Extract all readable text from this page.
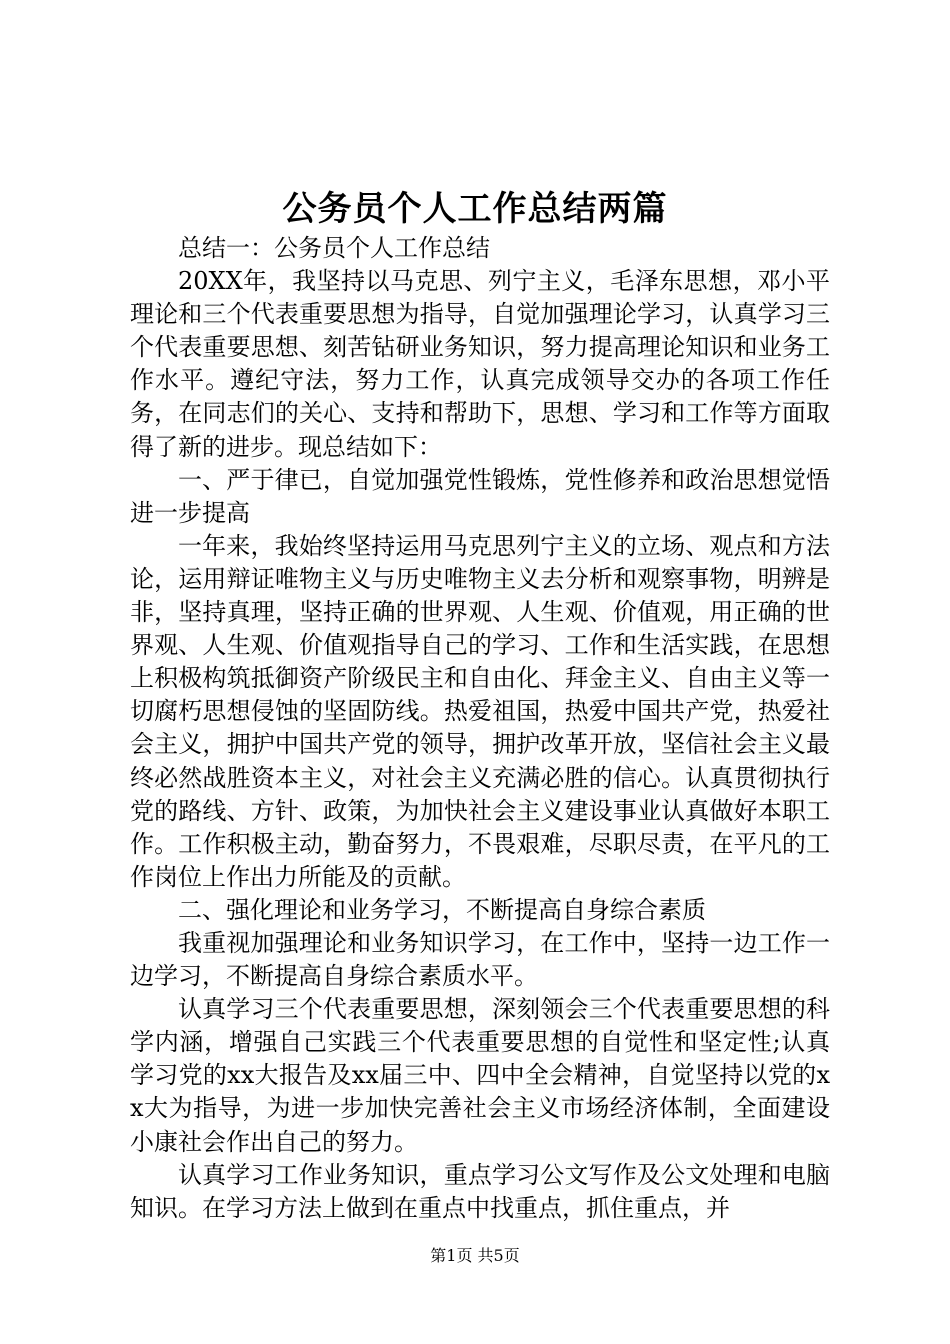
公务员个人工作总结两篇

总结一：公务员个人工作总结

20XX年，我坚持以马克思、列宁主义，毛泽东思想，邓小平理论和三个代表重要思想为指导，自觉加强理论学习，认真学习三个代表重要思想、刻苦钻研业务知识，努力提高理论知识和业务工作水平。遵纪守法，努力工作，认真完成领导交办的各项工作任务，在同志们的关心、支持和帮助下，思想、学习和工作等方面取得了新的进步。现总结如下：

一、严于律已，自觉加强党性锻炼，党性修养和政治思想觉悟进一步提高

一年来，我始终坚持运用马克思列宁主义的立场、观点和方法论，运用辩证唯物主义与历史唯物主义去分析和观察事物，明辨是非，坚持真理，坚持正确的世界观、人生观、价值观，用正确的世界观、人生观、价值观指导自己的学习、工作和生活实践，在思想上积极构筑抵御资产阶级民主和自由化、拜金主义、自由主义等一切腐朽思想侵蚀的坚固防线。热爱祖国，热爱中国共产党，热爱社会主义，拥护中国共产党的领导，拥护改革开放，坚信社会主义最终必然战胜资本主义，对社会主义充满必胜的信心。认真贯彻执行党的路线、方针、政策，为加快社会主义建设事业认真做好本职工作。工作积极主动，勤奋努力，不畏艰难，尽职尽责，在平凡的工作岗位上作出力所能及的贡献。

二、强化理论和业务学习，不断提高自身综合素质

我重视加强理论和业务知识学习，在工作中，坚持一边工作一边学习，不断提高自身综合素质水平。

认真学习三个代表重要思想，深刻领会三个代表重要思想的科学内涵，增强自己实践三个代表重要思想的自觉性和坚定性;认真学习党的xx大报告及xx届三中、四中全会精神，自觉坚持以党的xx大为指导，为进一步加快完善社会主义市场经济体制，全面建设小康社会作出自己的努力。

认真学习工作业务知识，重点学习公文写作及公文处理和电脑知识。在学习方法上做到在重点中找重点，抓住重点，并

第1页 共5页
